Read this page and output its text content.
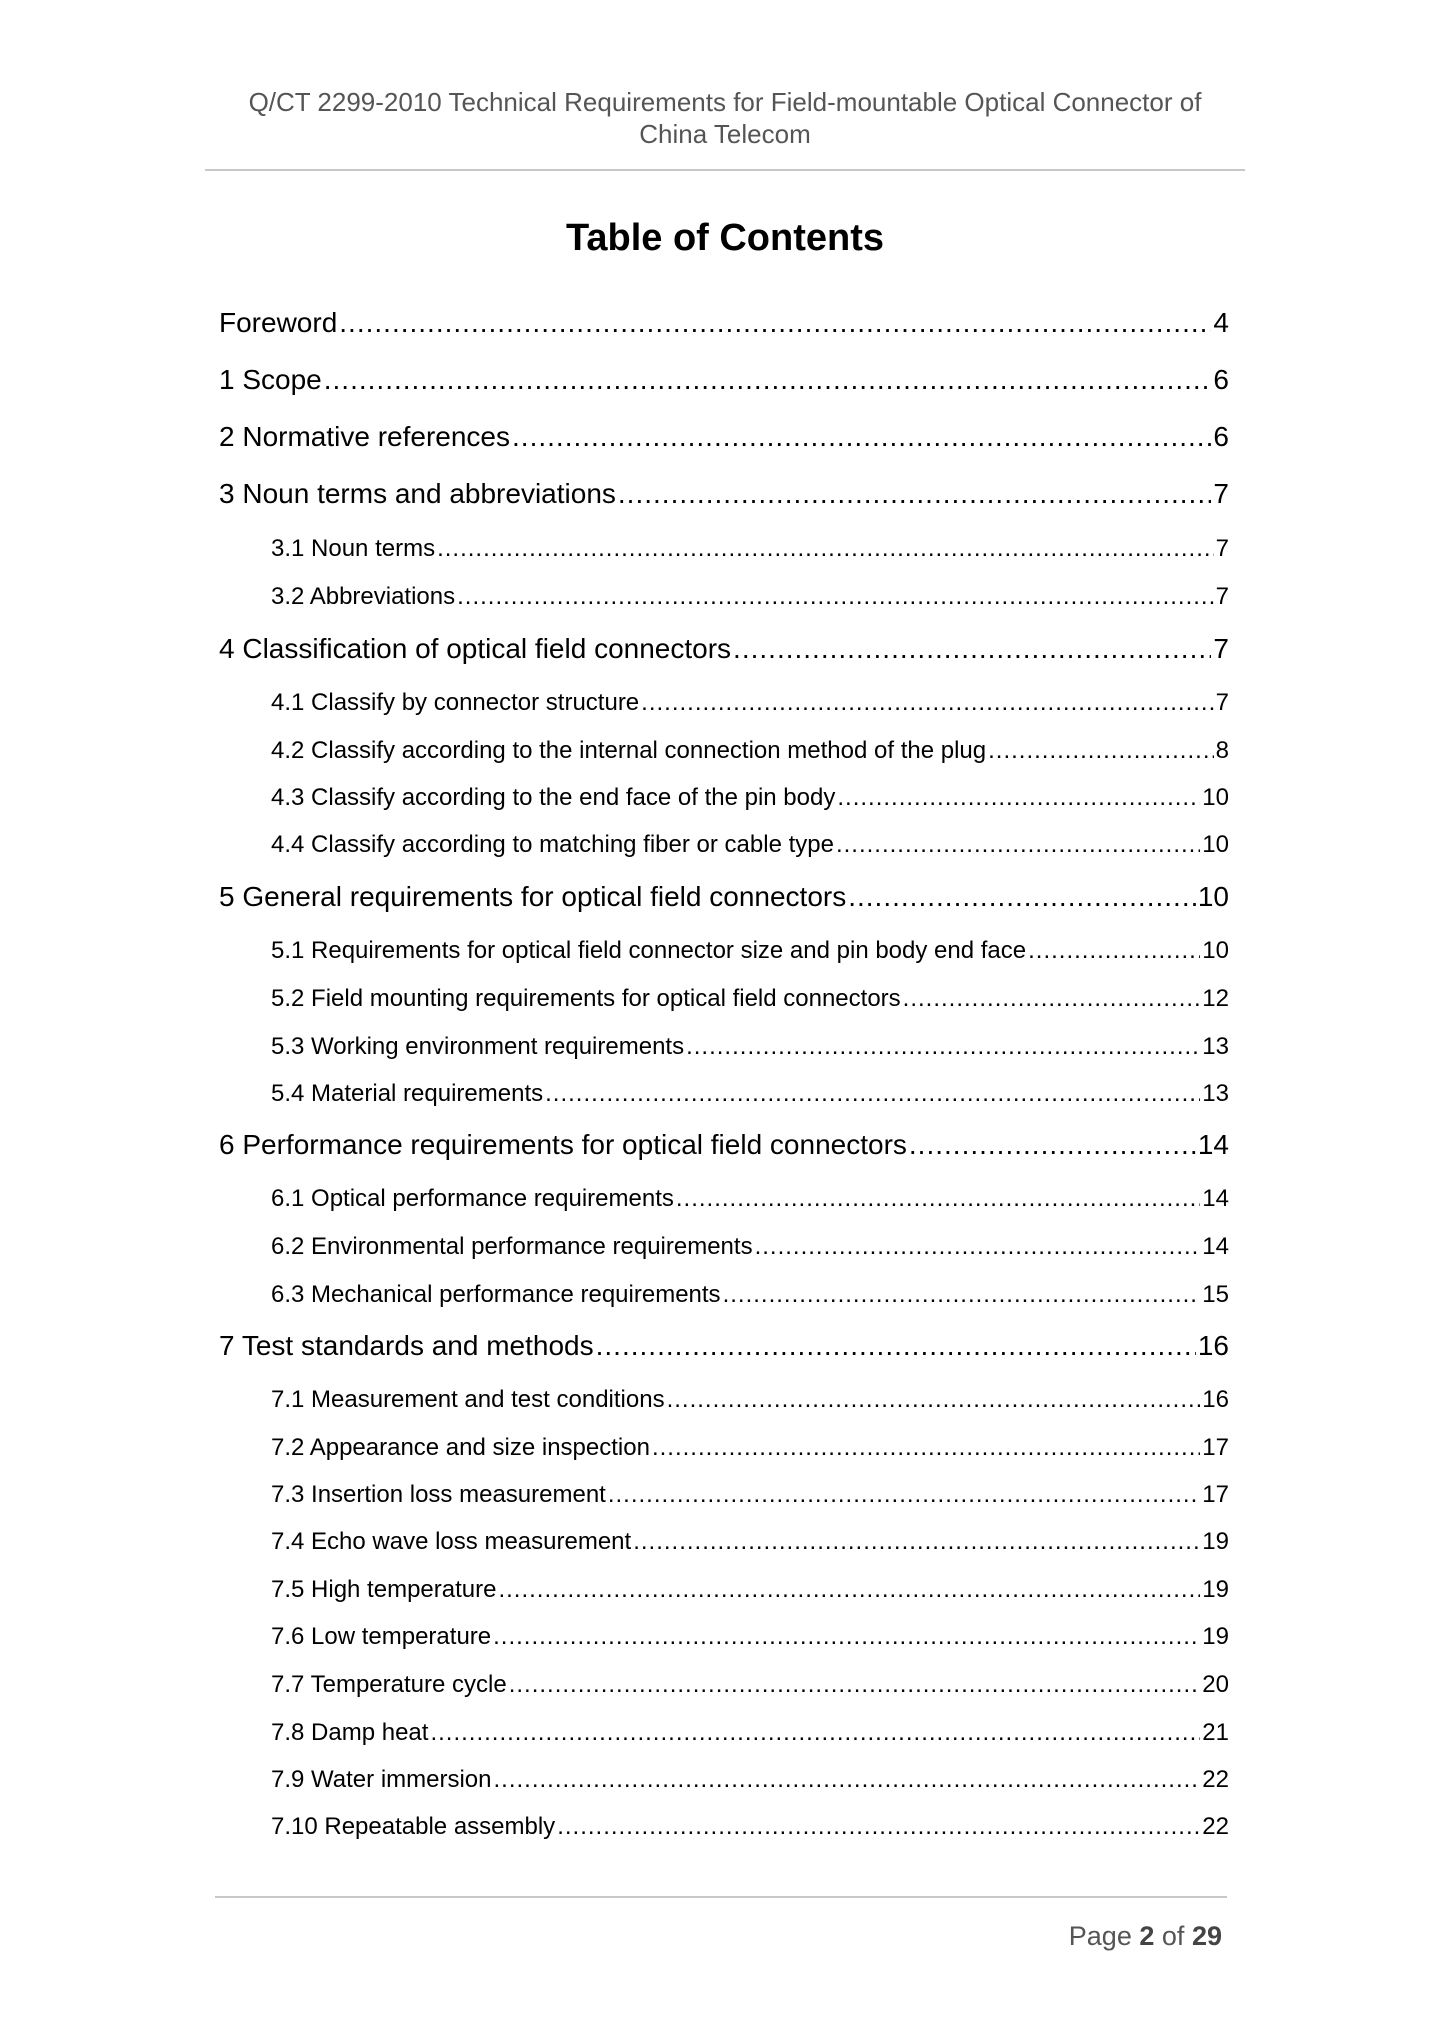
Q/CT 2299-2010 Technical Requirements for Field-mountable Optical Connector of
China Telecom
Table of Contents
Foreword .....	4
1 Scope .....	6
2 Normative references .....	6
3 Noun terms and abbreviations .....	7
3.1 Noun terms .....	7
3.2 Abbreviations .....	7
4 Classification of optical field connectors .....	7
4.1 Classify by connector structure .....	7
4.2 Classify according to the internal connection method of the plug .....	8
4.3 Classify according to the end face of the pin body .....	10
4.4 Classify according to matching fiber or cable type .....	10
5 General requirements for optical field connectors .....	10
5.1 Requirements for optical field connector size and pin body end face .....	10
5.2 Field mounting requirements for optical field connectors .....	12
5.3 Working environment requirements .....	13
5.4 Material requirements .....	13
6 Performance requirements for optical field connectors .....	14
6.1 Optical performance requirements .....	14
6.2 Environmental performance requirements .....	14
6.3 Mechanical performance requirements .....	15
7 Test standards and methods .....	16
7.1 Measurement and test conditions .....	16
7.2 Appearance and size inspection .....	17
7.3 Insertion loss measurement .....	17
7.4 Echo wave loss measurement .....	19
7.5 High temperature .....	19
7.6 Low temperature .....	19
7.7 Temperature cycle .....	20
7.8 Damp heat .....	21
7.9 Water immersion .....	22
7.10 Repeatable assembly .....	22
Page 2 of 29
